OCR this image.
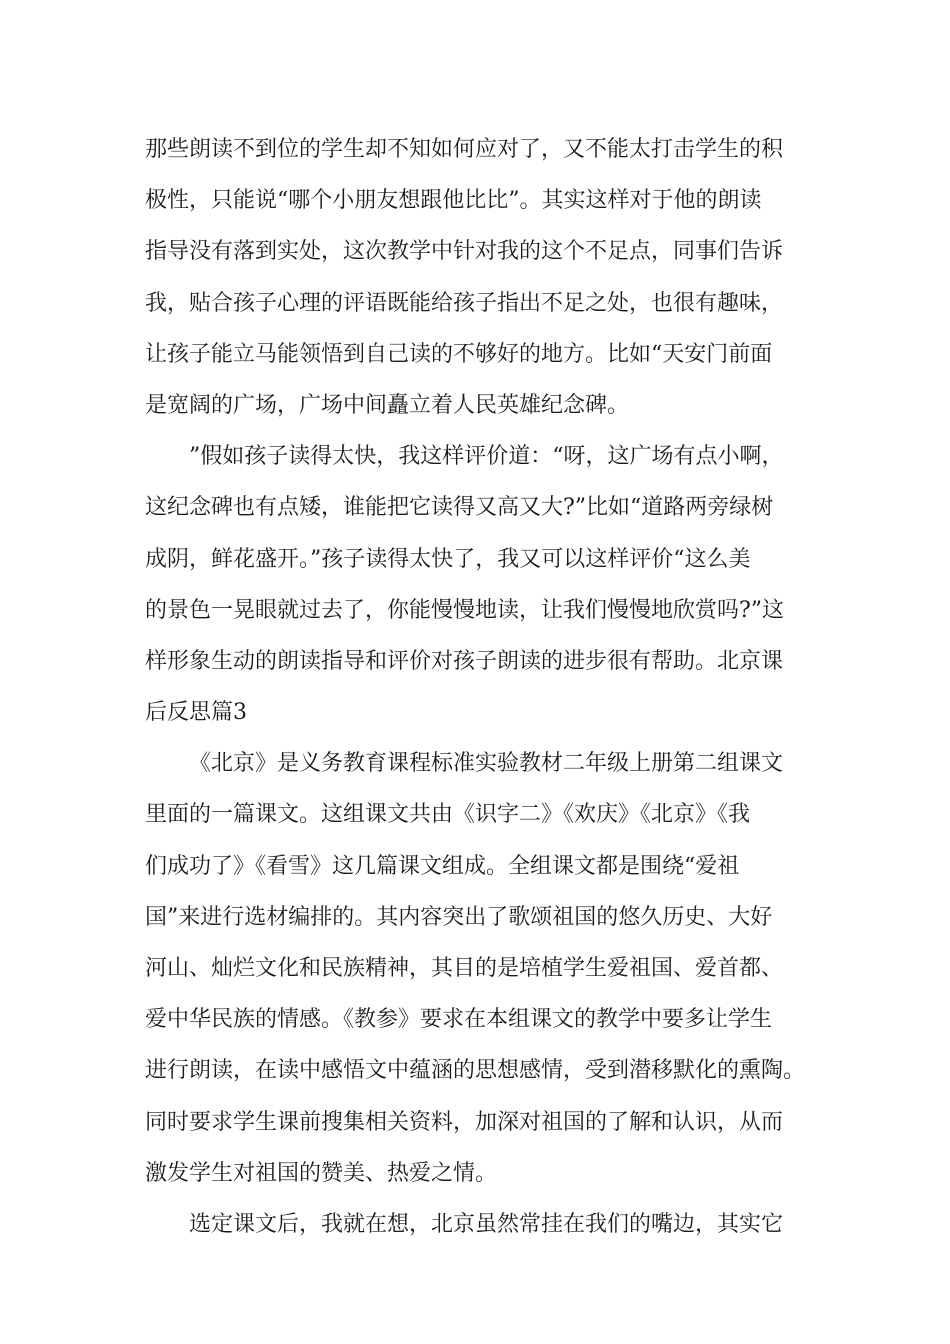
那些朗读不到位的学生却不知如何应对了，又不能太打击学生的积
极性，只能说“哪个小朋友想跟他比比”。其实这样对于他的朗读
指导没有落到实处，这次教学中针对我的这个不足点，同事们告诉
我，贴合孩子心理的评语既能给孩子指出不足之处，也很有趣味，
让孩子能立马能领悟到自己读的不够好的地方。比如“天安门前面
是宽阔的广场，广场中间矗立着人民英雄纪念碑。
”假如孩子读得太快，我这样评价道：“呀，这广场有点小啊，
这纪念碑也有点矮，谁能把它读得又高又大?”比如“道路两旁绿树
成阴，鲜花盛开。”孩子读得太快了，我又可以这样评价“这么美
的景色一晃眼就过去了，你能慢慢地读，让我们慢慢地欣赏吗?”这
样形象生动的朗读指导和评价对孩子朗读的进步很有帮助。北京课
后反思篇3
《北京》是义务教育课程标准实验教材二年级上册第二组课文
里面的一篇课文。这组课文共由《识字二》《欢庆》《北京》《我
们成功了》《看雪》这几篇课文组成。全组课文都是围绕“爱祖
国”来进行选材编排的。其内容突出了歌颂祖国的悠久历史、大好
河山、灿烂文化和民族精神，其目的是培植学生爱祖国、爱首都、
爱中华民族的情感。《教参》要求在本组课文的教学中要多让学生
进行朗读，在读中感悟文中蕴涵的思想感情，受到潜移默化的熏陶。
同时要求学生课前搜集相关资料，加深对祖国的了解和认识，从而
激发学生对祖国的赞美、热爱之情。
选定课文后，我就在想，北京虽然常挂在我们的嘴边，其实它
